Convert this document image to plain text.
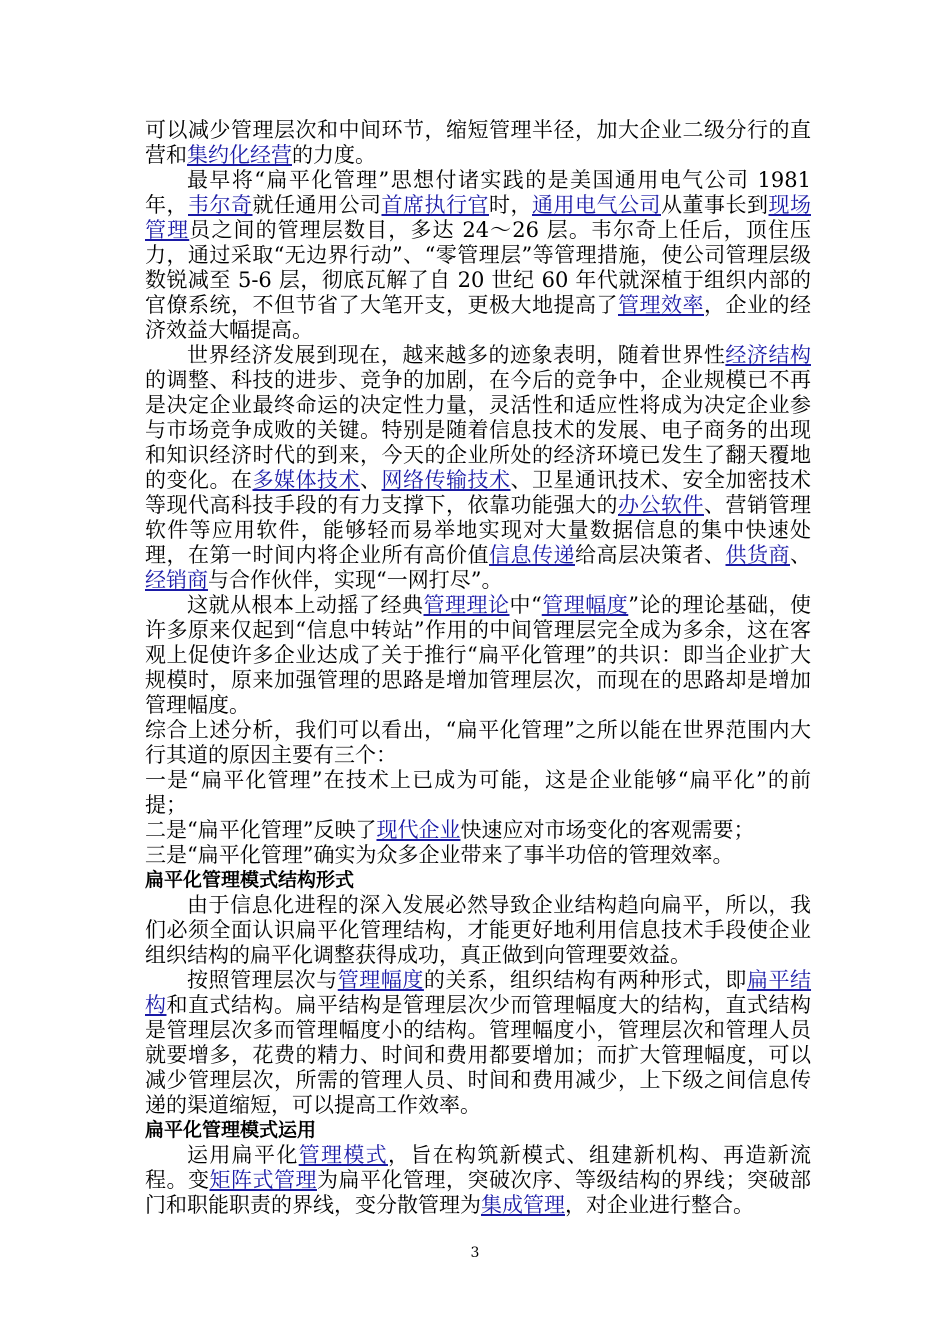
可以减少管理层次和中间环节，缩短管理半径，加大企业二级分行的直营和集约化经营的力度。

最早将“扁平化管理”思想付诸实践的是美国通用电气公司 1981 年，韦尔奇就任通用公司首席执行官时，通用电气公司从董事长到现场管理员之间的管理层数目，多达 24～26 层。韦尔奇上任后，顶住压力，通过采取“无边界行动”、“零管理层”等管理措施，使公司管理层级数锐减至 5-6 层，彻底瓦解了自 20 世纪 60 年代就深植于组织内部的官僚系统，不但节省了大笔开支，更极大地提高了管理效率，企业的经济效益大幅提高。

世界经济发展到现在，越来越多的迹象表明，随着世界性经济结构的调整、科技的进步、竞争的加剧，在今后的竞争中，企业规模已不再是决定企业最终命运的决定性力量，灵活性和适应性将成为决定企业参与市场竞争成败的关键。特别是随着信息技术的发展、电子商务的出现和知识经济时代的到来，今天的企业所处的经济环境已发生了翻天覆地的变化。在多媒体技术、网络传输技术、卫星通讯技术、安全加密技术等现代高科技手段的有力支撑下，依靠功能强大的办公软件、营销管理软件等应用软件，能够轻而易举地实现对大量数据信息的集中快速处理，在第一时间内将企业所有高价值信息传递给高层决策者、供货商、经销商与合作伙伴，实现“一网打尽”。

这就从根本上动摇了经典管理理论中“管理幅度”论的理论基础，使许多原来仅起到“信息中转站”作用的中间管理层完全成为多余，这在客观上促使许多企业达成了关于推行“扁平化管理”的共识：即当企业扩大规模时，原来加强管理的思路是增加管理层次，而现在的思路却是增加管理幅度。

综合上述分析，我们可以看出，“扁平化管理”之所以能在世界范围内大行其道的原因主要有三个：

一是“扁平化管理”在技术上已成为可能，这是企业能够“扁平化”的前提；

二是“扁平化管理”反映了现代企业快速应对市场变化的客观需要；

三是“扁平化管理”确实为众多企业带来了事半功倍的管理效率。

扁平化管理模式结构形式

由于信息化进程的深入发展必然导致企业结构趋向扁平，所以，我们必须全面认识扁平化管理结构，才能更好地利用信息技术手段使企业组织结构的扁平化调整获得成功，真正做到向管理要效益。

按照管理层次与管理幅度的关系，组织结构有两种形式，即扁平结构和直式结构。扁平结构是管理层次少而管理幅度大的结构，直式结构是管理层次多而管理幅度小的结构。管理幅度小，管理层次和管理人员就要增多，花费的精力、时间和费用都要增加；而扩大管理幅度，可以减少管理层次，所需的管理人员、时间和费用减少，上下级之间信息传递的渠道缩短，可以提高工作效率。

扁平化管理模式运用

运用扁平化管理模式，旨在构筑新模式、组建新机构、再造新流程。变矩阵式管理为扁平化管理，突破次序、等级结构的界线；突破部门和职能职责的界线，变分散管理为集成管理，对企业进行整合。

3
